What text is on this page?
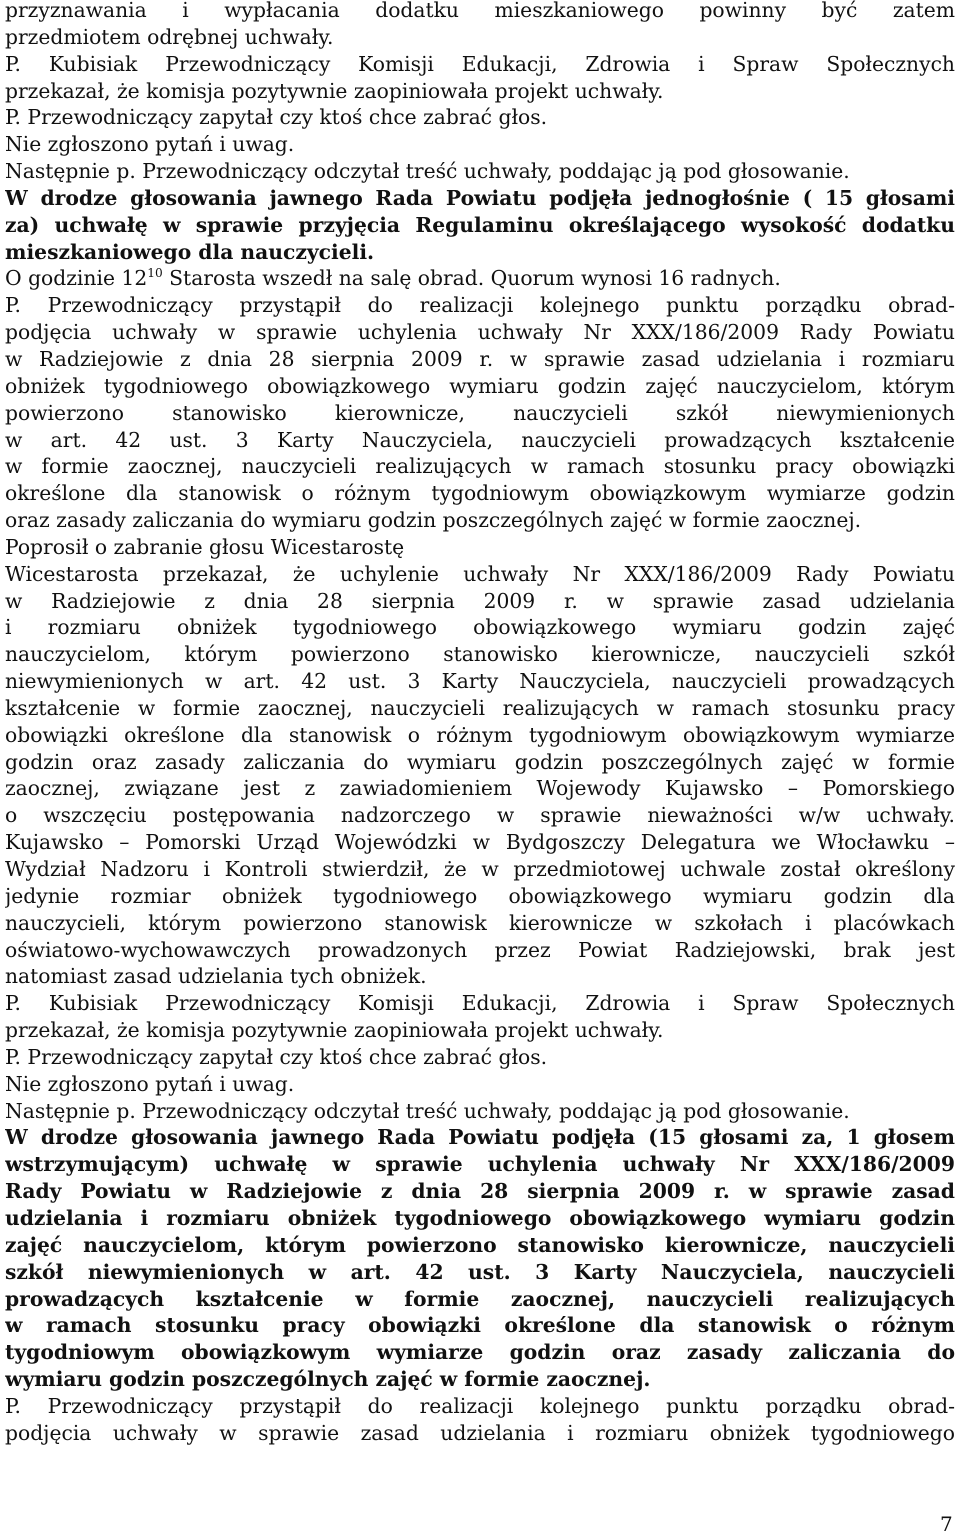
przyznawania i wypłacania dodatku mieszkaniowego powinny być zatem
przedmiotem odrębnej uchwały.
P. Kubisiak Przewodniczący Komisji Edukacji, Zdrowia i Spraw Społecznych
przekazał, że komisja pozytywnie zaopiniowała projekt uchwały.
P. Przewodniczący zapytał czy ktoś chce zabrać głos.
Nie zgłoszono pytań i uwag.
Następnie p. Przewodniczący odczytał treść uchwały, poddając ją pod głosowanie.
W drodze głosowania jawnego Rada Powiatu podjęła jednogłośnie ( 15 głosami
za) uchwałę w sprawie przyjęcia Regulaminu określającego wysokość dodatku
mieszkaniowego dla nauczycieli.
O godzinie $12^{10}$ Starosta wszedł na salę obrad. Quorum wynosi 16 radnych.
P. Przewodniczący przystąpił do realizacji kolejnego punktu porządku obrad-
podjęcia uchwały w sprawie uchylenia uchwały Nr XXX/186/2009 Rady Powiatu
w Radziejowie z dnia 28 sierpnia 2009 r. w sprawie zasad udzielania i rozmiaru
obniżek tygodniowego obowiązkowego wymiaru godzin zajęć nauczycielom, którym
powierzono stanowisko kierownicze, nauczycieli szkół niewymienionych
w art. 42 ust. 3 Karty Nauczyciela, nauczycieli prowadzących kształcenie
w formie zaocznej, nauczycieli realizujących w ramach stosunku pracy obowiązki
określone dla stanowisk o różnym tygodniowym obowiązkowym wymiarze godzin
oraz zasady zaliczania do wymiaru godzin poszczególnych zajęć w formie zaocznej.
Poprosił o zabranie głosu Wicestarostę
Wicestarosta przekazał, że uchylenie uchwały Nr XXX/186/2009 Rady Powiatu
w Radziejowie z dnia 28 sierpnia 2009 r. w sprawie zasad udzielania
i rozmiaru obniżek tygodniowego obowiązkowego wymiaru godzin zajęć
nauczycielom, którym powierzono stanowisko kierownicze, nauczycieli szkół
niewymienionych w art. 42 ust. 3 Karty Nauczyciela, nauczycieli prowadzących
kształcenie w formie zaocznej, nauczycieli realizujących w ramach stosunku pracy
obowiązki określone dla stanowisk o różnym tygodniowym obowiązkowym wymiarze
godzin oraz zasady zaliczania do wymiaru godzin poszczególnych zajęć w formie
zaocznej, związane jest z zawiadomieniem Wojewody Kujawsko – Pomorskiego
o wszczęciu postępowania nadzorczego w sprawie nieważności w/w uchwały.
Kujawsko – Pomorski Urząd Wojewódzki w Bydgoszczy Delegatura we Włocławku –
Wydział Nadzoru i Kontroli stwierdził, że w przedmiotowej uchwale został określony
jedynie rozmiar obniżek tygodniowego obowiązkowego wymiaru godzin dla
nauczycieli, którym powierzono stanowisk kierownicze w szkołach i placówkach
oświatowo-wychowawczych prowadzonych przez Powiat Radziejowski, brak jest
natomiast zasad udzielania tych obniżek.
P. Kubisiak Przewodniczący Komisji Edukacji, Zdrowia i Spraw Społecznych
przekazał, że komisja pozytywnie zaopiniowała projekt uchwały.
P. Przewodniczący zapytał czy ktoś chce zabrać głos.
Nie zgłoszono pytań i uwag.
Następnie p. Przewodniczący odczytał treść uchwały, poddając ją pod głosowanie.
W drodze głosowania jawnego Rada Powiatu podjęła (15 głosami za, 1 głosem
wstrzymującym) uchwałę w sprawie uchylenia uchwały Nr XXX/186/2009
Rady Powiatu w Radziejowie z dnia 28 sierpnia 2009 r. w sprawie zasad
udzielania i rozmiaru obniżek tygodniowego obowiązkowego wymiaru godzin
zajęć nauczycielom, którym powierzono stanowisko kierownicze, nauczycieli
szkół niewymienionych w art. 42 ust. 3 Karty Nauczyciela, nauczycieli
prowadzących kształcenie w formie zaocznej, nauczycieli realizujących
w ramach stosunku pracy obowiązki określone dla stanowisk o różnym
tygodniowym obowiązkowym wymiarze godzin oraz zasady zaliczania do
wymiaru godzin poszczególnych zajęć w formie zaocznej.
P. Przewodniczący przystąpił do realizacji kolejnego punktu porządku obrad-
podjęcia uchwały w sprawie zasad udzielania i rozmiaru obniżek tygodniowego
7
